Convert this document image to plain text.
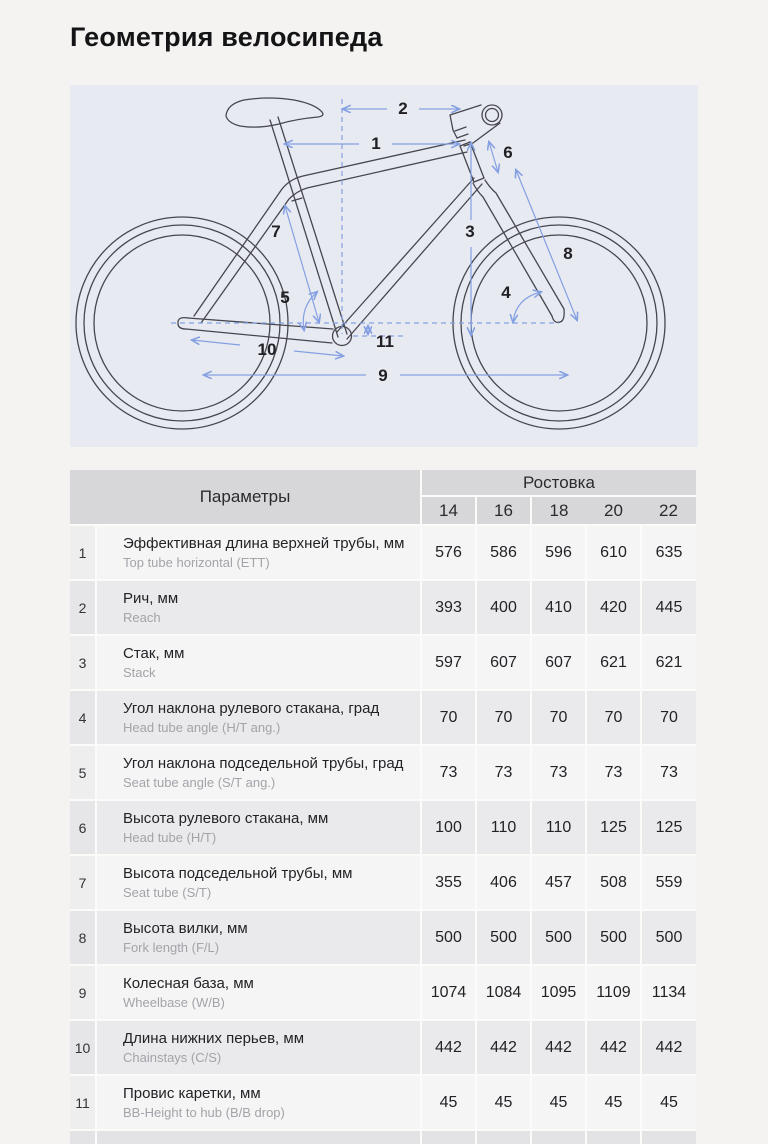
Геометрия велосипеда
1
2
3
4
5
6
7
8
9
10	11
Параметры		Ростовка				
		14	16	18	20	22
1	Эффективная длина верхней трубы, мм
Top tube horizontal (ETT)	576	586	596	610	635
2	Рич, мм
Reach	393	400	410	420	445
3	Стак, мм
Stack	597	607	607	621	621
4	Угол наклона рулевого стакана, град
Head tube angle (H/T ang.)	70	70	70	70	70
5	Угол наклона подседельной трубы, град
Seat tube angle (S/T ang.)	73	73	73	73	73
6	Высота рулевого стакана, мм
Head tube (H/T)	100	110	110	125	125
7	Высота подседельной трубы, мм
Seat tube (S/T)	355	406	457	508	559
8	Высота вилки, мм
Fork length (F/L)	500	500	500	500	500
9	Колесная база, мм
Wheelbase (W/B)	1074	1084	1095	1109	1134
10	Длина нижних перьев, мм
Chainstays (C/S)	442	442	442	442	442
11	Провис каретки, мм
BB-Height to hub (B/B drop)	45	45	45	45	45
